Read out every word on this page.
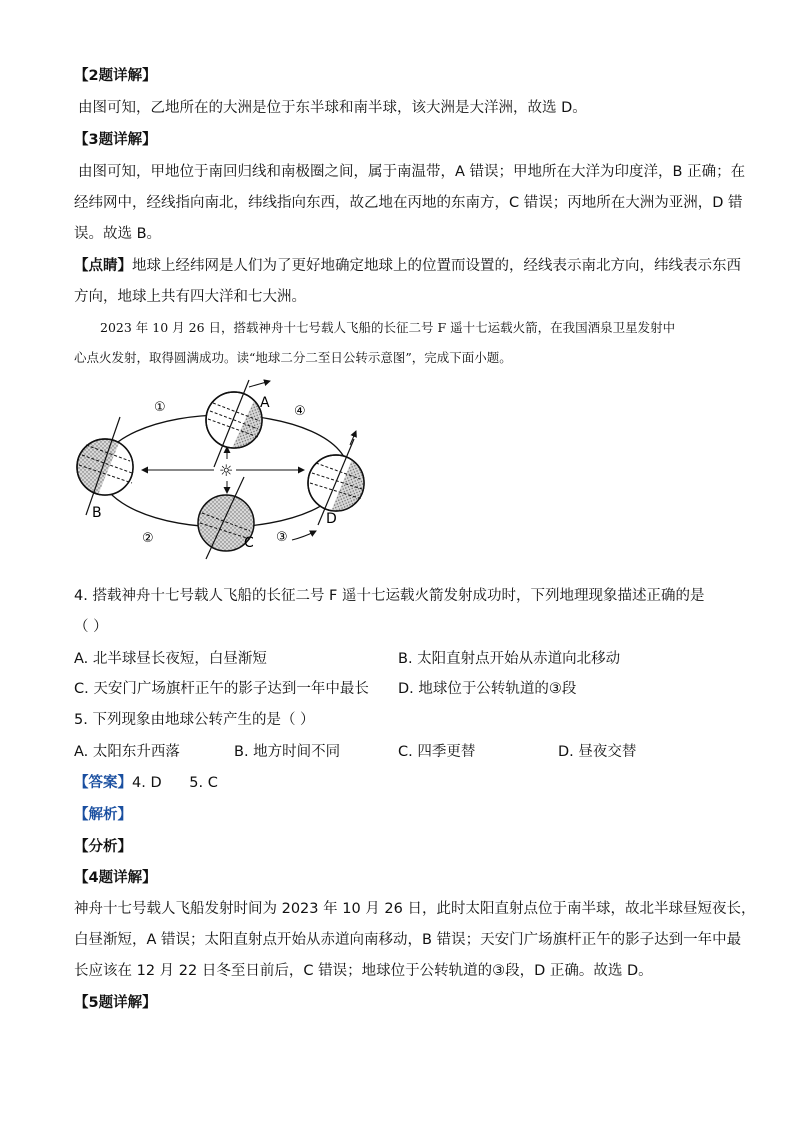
【2题详解】
由图可知，乙地所在的大洲是位于东半球和南半球，该大洲是大洋洲，故选 D。
【3题详解】
由图可知，甲地位于南回归线和南极圈之间，属于南温带，A 错误；甲地所在大洋为印度洋，B 正确；在
经纬网中，经线指向南北，纬线指向东西，故乙地在丙地的东南方，C 错误；丙地所在大洲为亚洲，D 错
误。故选 B。
【点睛】地球上经纬网是人们为了更好地确定地球上的位置而设置的，经线表示南北方向，纬线表示东西
方向，地球上共有四大洋和七大洲。
2023 年 10 月 26 日，搭载神舟十七号载人飞船的长征二号 F 遥十七运载火箭，在我国酒泉卫星发射中
心点火发射，取得圆满成功。读“地球二分二至日公转示意图”，完成下面小题。
☼
A
B
C
D
①
②	③
④
4. 搭载神舟十七号载人飞船的长征二号 F 遥十七运载火箭发射成功时，下列地理现象描述正确的是
（ ）
A. 北半球昼长夜短，白昼渐短	B. 太阳直射点开始从赤道向北移动
C. 天安门广场旗杆正午的影子达到一年中最长 D. 地球位于公转轨道的③段
5. 下列现象由地球公转产生的是（ ）
A. 太阳东升西落	B. 地方时间不同	C. 四季更替	D. 昼夜交替
【答案】4. D      5. C
【解析】
【分析】
【4题详解】
神舟十七号载人飞船发射时间为 2023 年 10 月 26 日，此时太阳直射点位于南半球，故北半球昼短夜长，
白昼渐短，A 错误；太阳直射点开始从赤道向南移动，B 错误；天安门广场旗杆正午的影子达到一年中最
长应该在 12 月 22 日冬至日前后，C 错误；地球位于公转轨道的③段，D 正确。故选 D。
【5题详解】
